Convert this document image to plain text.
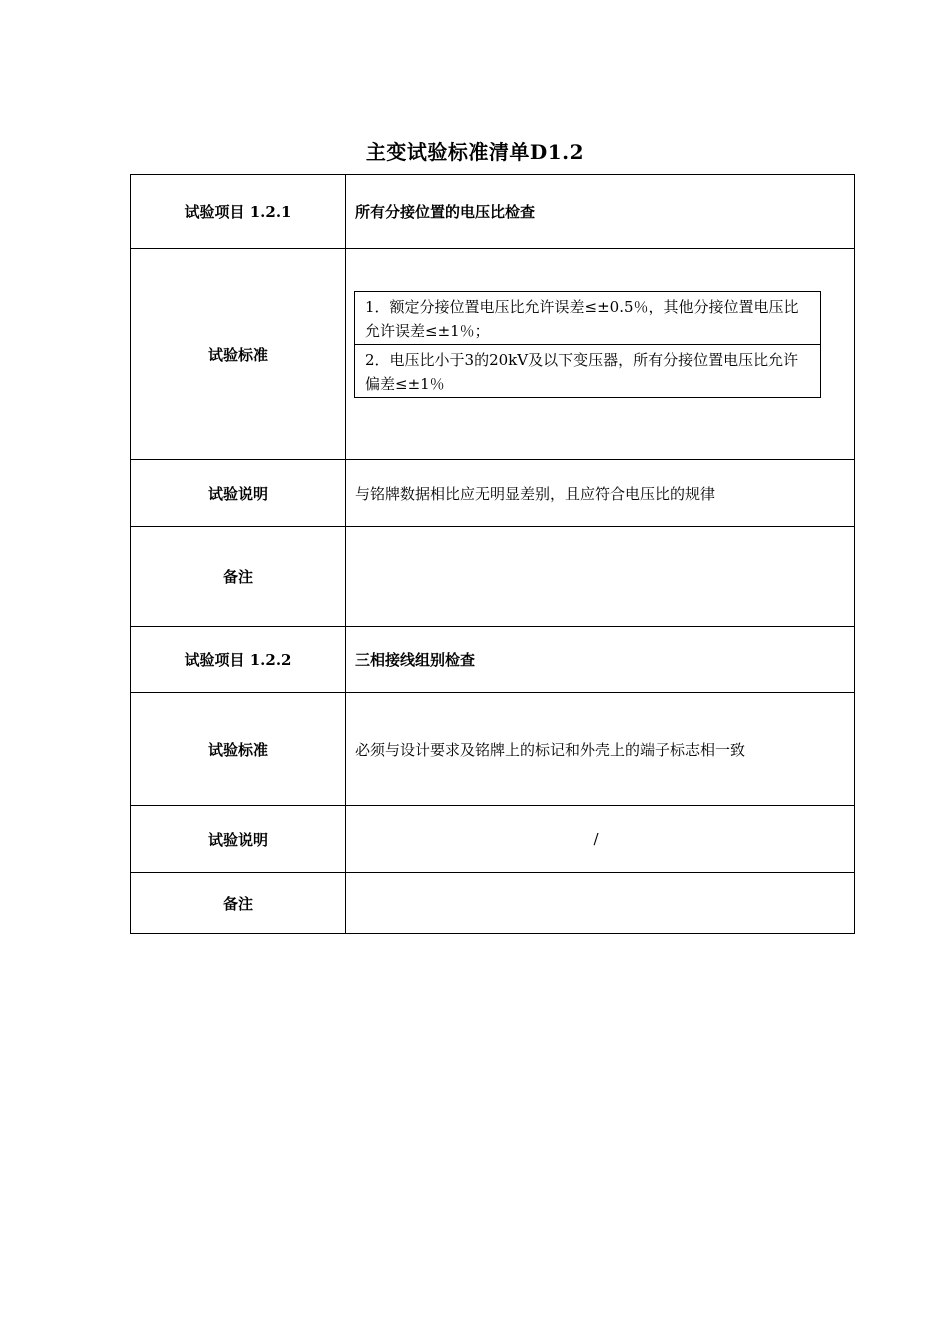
主变试验标准清单D1.2
试验项目 1.2.1	所有分接位置的电压比检查
试验标准	
1．额定分接位置电压比允许误差≤±0.5％，其他分接位置电压比允许误差≤±1％；
2．电压比小于3的20kV及以下变压器，所有分接位置电压比允许偏差≤±1％

试验说明	与铭牌数据相比应无明显差别，且应符合电压比的规律
备注	
试验项目 1.2.2	三相接线组别检查
试验标准	必须与设计要求及铭牌上的标记和外壳上的端子标志相一致
试验说明	/
备注	
